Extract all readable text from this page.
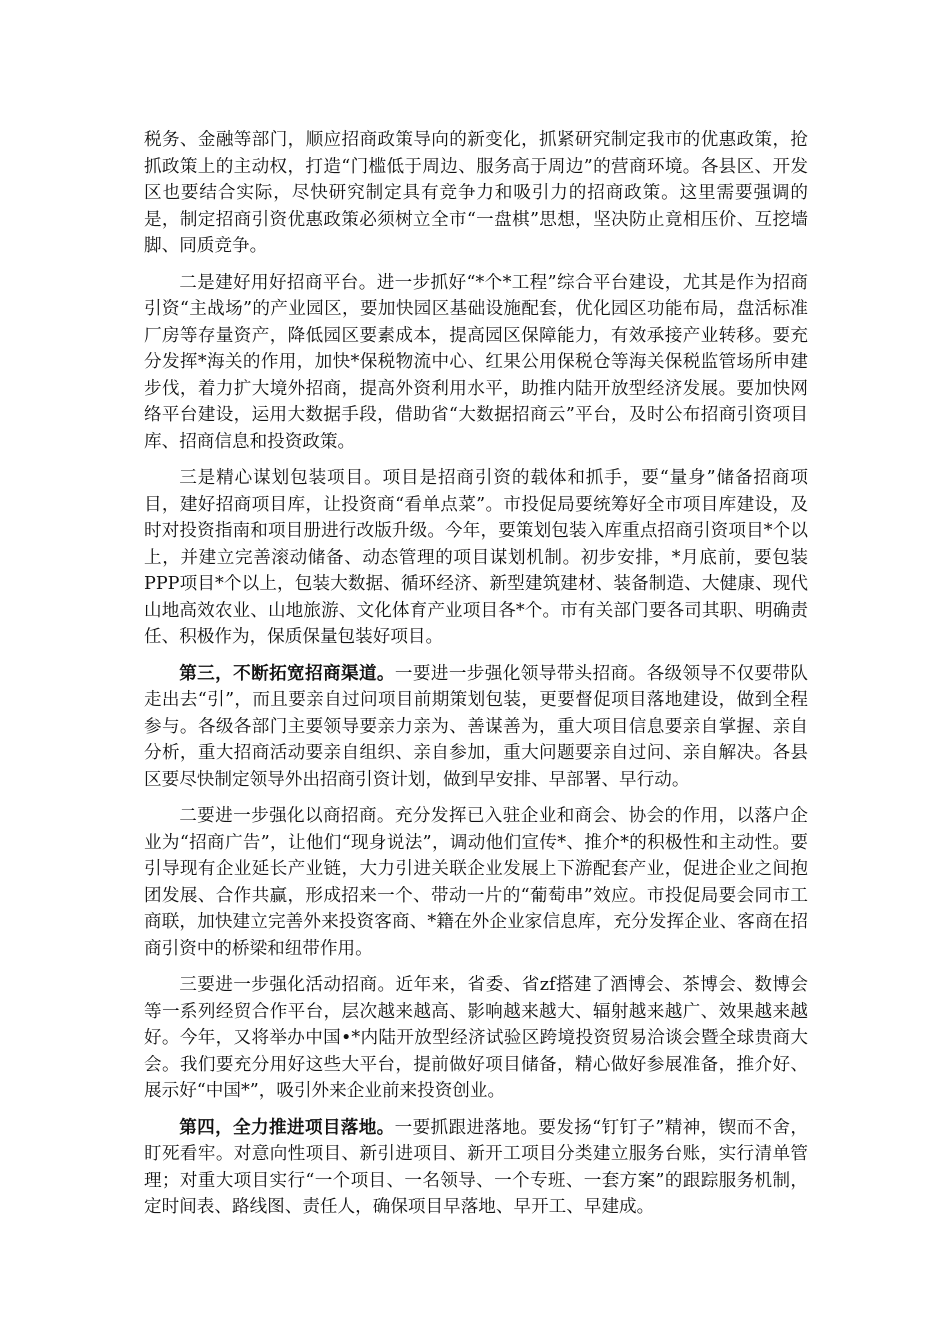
税务、金融等部门，顺应招商政策导向的新变化，抓紧研究制定我市的优惠政策，抢抓政策上的主动权，打造“门槛低于周边、服务高于周边”的营商环境。各县区、开发区也要结合实际，尽快研究制定具有竞争力和吸引力的招商政策。这里需要强调的是，制定招商引资优惠政策必须树立全市“一盘棋”思想，坚决防止竟相压价、互挖墙脚、同质竞争。

二是建好用好招商平台。进一步抓好“*个*工程”综合平台建设，尤其是作为招商引资“主战场”的产业园区，要加快园区基础设施配套，优化园区功能布局，盘活标准厂房等存量资产，降低园区要素成本，提高园区保障能力，有效承接产业转移。要充分发挥*海关的作用，加快*保税物流中心、红果公用保税仓等海关保税监管场所申建步伐，着力扩大境外招商，提高外资利用水平，助推内陆开放型经济发展。要加快网络平台建设，运用大数据手段，借助省“大数据招商云”平台，及时公布招商引资项目库、招商信息和投资政策。

三是精心谋划包装项目。项目是招商引资的载体和抓手，要“量身”储备招商项目，建好招商项目库，让投资商“看单点菜”。市投促局要统筹好全市项目库建设，及时对投资指南和项目册进行改版升级。今年，要策划包装入库重点招商引资项目*个以上，并建立完善滚动储备、动态管理的项目谋划机制。初步安排，*月底前，要包装PPP项目*个以上，包装大数据、循环经济、新型建筑建材、装备制造、大健康、现代山地高效农业、山地旅游、文化体育产业项目各*个。市有关部门要各司其职、明确责任、积极作为，保质保量包装好项目。

第三，不断拓宽招商渠道。一要进一步强化领导带头招商。各级领导不仅要带队走出去“引”，而且要亲自过问项目前期策划包装，更要督促项目落地建设，做到全程参与。各级各部门主要领导要亲力亲为、善谋善为，重大项目信息要亲自掌握、亲自分析，重大招商活动要亲自组织、亲自参加，重大问题要亲自过问、亲自解决。各县区要尽快制定领导外出招商引资计划，做到早安排、早部署、早行动。

二要进一步强化以商招商。充分发挥已入驻企业和商会、协会的作用，以落户企业为“招商广告”，让他们“现身说法”，调动他们宣传*、推介*的积极性和主动性。要引导现有企业延长产业链，大力引进关联企业发展上下游配套产业，促进企业之间抱团发展、合作共赢，形成招来一个、带动一片的“葡萄串”效应。市投促局要会同市工商联，加快建立完善外来投资客商、*籍在外企业家信息库，充分发挥企业、客商在招商引资中的桥梁和纽带作用。

三要进一步强化活动招商。近年来，省委、省zf搭建了酒博会、茶博会、数博会等一系列经贸合作平台，层次越来越高、影响越来越大、辐射越来越广、效果越来越好。今年，又将举办中国•*内陆开放型经济试验区跨境投资贸易洽谈会暨全球贵商大会。我们要充分用好这些大平台，提前做好项目储备，精心做好参展准备，推介好、展示好“中国*”，吸引外来企业前来投资创业。

第四，全力推进项目落地。一要抓跟进落地。要发扬“钉钉子”精神，锲而不舍，盯死看牢。对意向性项目、新引进项目、新开工项目分类建立服务台账，实行清单管理；对重大项目实行“一个项目、一名领导、一个专班、一套方案”的跟踪服务机制，定时间表、路线图、责任人，确保项目早落地、早开工、早建成。
